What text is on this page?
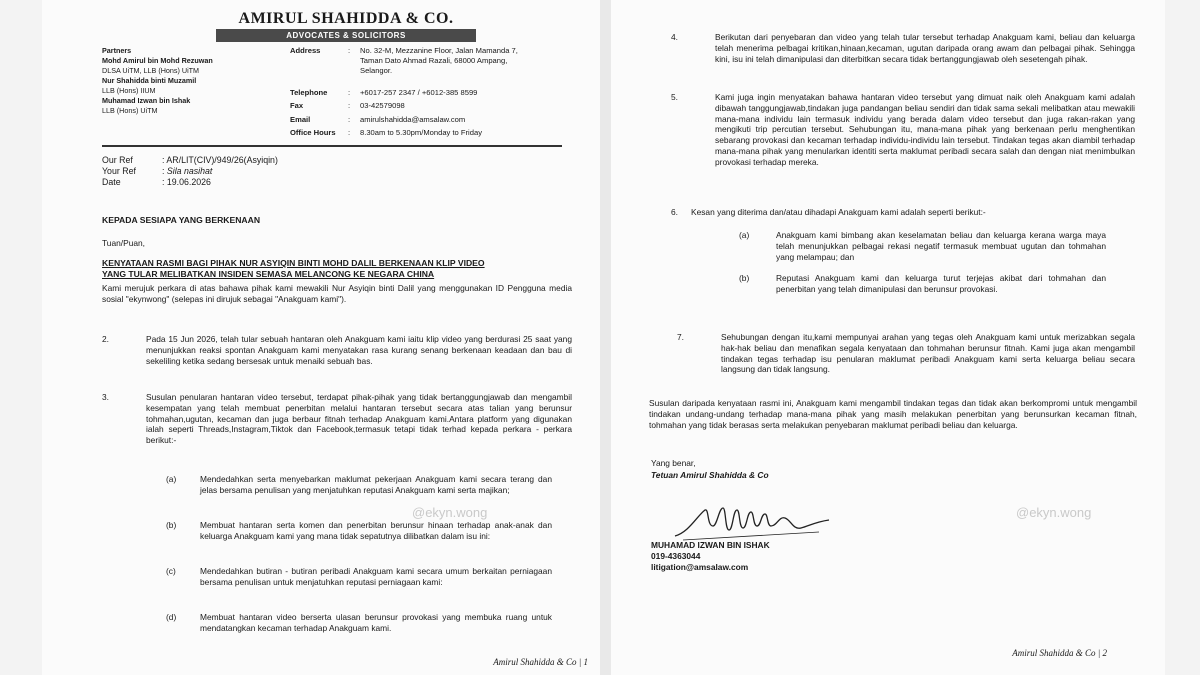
AMIRUL SHAHIDDA & CO.
ADVOCATES & SOLICITORS
Partners
Mohd Amirul bin Mohd Rezuwan
DLSA UiTM, LLB (Hons) UiTM
Nur Shahidda binti Muzamil
LLB (Hons) IIUM
Muhamad Izwan bin Ishak
LLB (Hons) UiTM
Address	: No. 32-M, Mezzanine Floor, Jalan Mamanda 7, Taman Dato Ahmad Razali, 68000 Ampang, Selangor.
Telephone	: +6017-257 2347 / +6012-385 8599
Fax	: 03-42579098
Email	: amirulshahidda@amsalaw.com
Office Hours : 8.30am to 5.30pm/Monday to Friday
Our Ref	: AR/LIT(CIV)/949/26(Asyiqin)
Your Ref	: Sila nasihat
Date	: 19.06.2026
KEPADA SESIAPA YANG BERKENAAN
Tuan/Puan,
KENYATAAN RASMI BAGI PIHAK NUR ASYIQIN BINTI MOHD DALIL BERKENAAN KLIP VIDEO
YANG TULAR MELIBATKAN INSIDEN SEMASA MELANCONG KE NEGARA CHINA
Kami merujuk perkara di atas bahawa pihak kami mewakili Nur Asyiqin binti Dalil yang menggunakan ID Pengguna media sosial "ekynwong" (selepas ini dirujuk sebagai "Anakguam kami").
2.	Pada 15 Jun 2026, telah tular sebuah hantaran oleh Anakguam kami iaitu klip video yang berdurasi 25 saat yang menunjukkan reaksi spontan Anakguam kami menyatakan rasa kurang senang berkenaan keadaan dan bau di sekeliling ketika sedang bersesak untuk menaiki sebuah bas.
3.	Susulan penularan hantaran video tersebut, terdapat pihak-pihak yang tidak bertanggungjawab dan mengambil kesempatan yang telah membuat penerbitan melalui hantaran tersebut secara atas talian yang berunsur tohmahan,ugutan, kecaman dan juga berbaur fitnah terhadap Anakguam kami.Antara platform yang digunakan ialah seperti Threads,Instagram,Tiktok dan Facebook,termasuk tetapi tidak terhad kepada perkara - perkara berikut:-
(a)	Mendedahkan serta menyebarkan maklumat pekerjaan Anakguam kami secara terang dan jelas bersama penulisan yang menjatuhkan reputasi Anakguam kami serta majikan;
(b)	Membuat hantaran serta komen dan penerbitan berunsur hinaan terhadap anak-anak dan keluarga Anakguam kami yang mana tidak sepatutnya dilibatkan dalam isu ini:
(c)	Mendedahkan butiran - butiran peribadi Anakguam kami secara umum berkaitan perniagaan bersama penulisan untuk menjatuhkan reputasi perniagaan kami:
(d)	Membuat hantaran video berserta ulasan berunsur provokasi yang membuka ruang untuk mendatangkan kecaman terhadap Anakguam kami.
@ekyn.wong
Amirul Shahidda & Co | 1
4.	Berikutan dari penyebaran dan video yang telah tular tersebut terhadap Anakguam kami, beliau dan keluarga telah menerima pelbagai kritikan,hinaan,kecaman, ugutan daripada orang awam dan pelbagai pihak. Sehingga kini, isu ini telah dimanipulasi dan diterbitkan secara tidak bertanggungjawab oleh sesetengah pihak.
5.	Kami juga ingin menyatakan bahawa hantaran video tersebut yang dimuat naik oleh Anakguam kami adalah dibawah tanggungjawab,tindakan juga pandangan beliau sendiri dan tidak sama sekali melibatkan atau mewakili mana-mana individu lain termasuk individu yang berada dalam video tersebut dan juga rakan-rakan yang mengikuti trip percutian tersebut. Sehubungan itu, mana-mana pihak yang berkenaan perlu menghentikan sebarang provokasi dan kecaman terhadap individu-individu lain tersebut. Tindakan tegas akan diambil terhadap mana-mana pihak yang menularkan identiti serta maklumat peribadi secara salah dan dengan niat menimbulkan provokasi terhadap mereka.
6. Kesan yang diterima dan/atau dihadapi Anakguam kami adalah seperti berikut:-
(a)	Anakguam kami bimbang akan keselamatan beliau dan keluarga kerana warga maya telah menunjukkan pelbagai rekasi negatif termasuk membuat ugutan dan tohmahan yang melampau; dan
(b)	Reputasi Anakguam kami dan keluarga turut terjejas akibat dari tohmahan dan penerbitan yang telah dimanipulasi dan berunsur provokasi.
7.	Sehubungan dengan itu,kami mempunyai arahan yang tegas oleh Anakguam kami untuk merizabkan segala hak-hak beliau dan menafikan segala kenyataan dan tohmahan berunsur fitnah. Kami juga akan mengambil tindakan tegas terhadap isu penularan maklumat peribadi Anakguam kami serta keluarga beliau secara langsung dan tidak langsung.
Susulan daripada kenyataan rasmi ini, Anakguam kami mengambil tindakan tegas dan tidak akan berkompromi untuk mengambil tindakan undang-undang terhadap mana-mana pihak yang masih melakukan penerbitan yang berunsurkan kecaman fitnah, tohmahan yang tidak berasas serta melakukan penyebaran maklumat peribadi beliau dan keluarga.
Yang benar,
Tetuan Amirul Shahidda & Co
MUHAMAD IZWAN BIN ISHAK
019-4363044
litigation@amsalaw.com
@ekyn.wong
Amirul Shahidda & Co | 2
